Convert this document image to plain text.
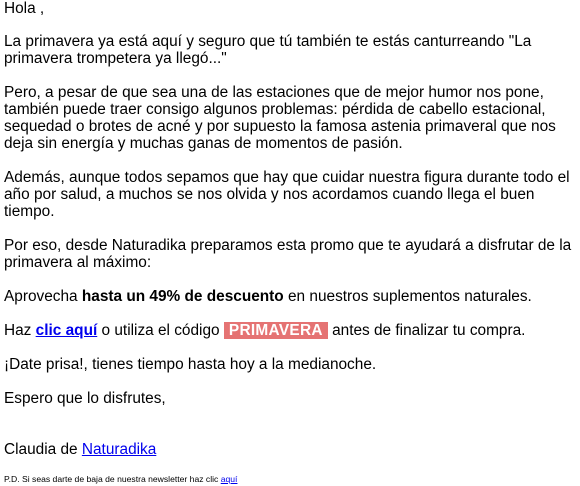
Hola ,

La primavera ya está aquí y seguro que tú también te estás canturreando "La
primavera trompetera ya llegó..."

Pero, a pesar de que sea una de las estaciones que de mejor humor nos pone,
también puede traer consigo algunos problemas: pérdida de cabello estacional,
sequedad o brotes de acné y por supuesto la famosa astenia primaveral que nos
deja sin energía y muchas ganas de momentos de pasión.

Además, aunque todos sepamos que hay que cuidar nuestra figura durante todo el
año por salud, a muchos se nos olvida y nos acordamos cuando llega el buen
tiempo.

Por eso, desde Naturadika preparamos esta promo que te ayudará a disfrutar de la
primavera al máximo:

Aprovecha hasta un 49% de descuento en nuestros suplementos naturales.

Haz clic aquí o utiliza el código PRIMAVERA antes de finalizar tu compra.

¡Date prisa!, tienes tiempo hasta hoy a la medianoche.

Espero que lo disfrutes,

Claudia de Naturadika

P.D. Si seas darte de baja de nuestra newsletter haz clic aquí
